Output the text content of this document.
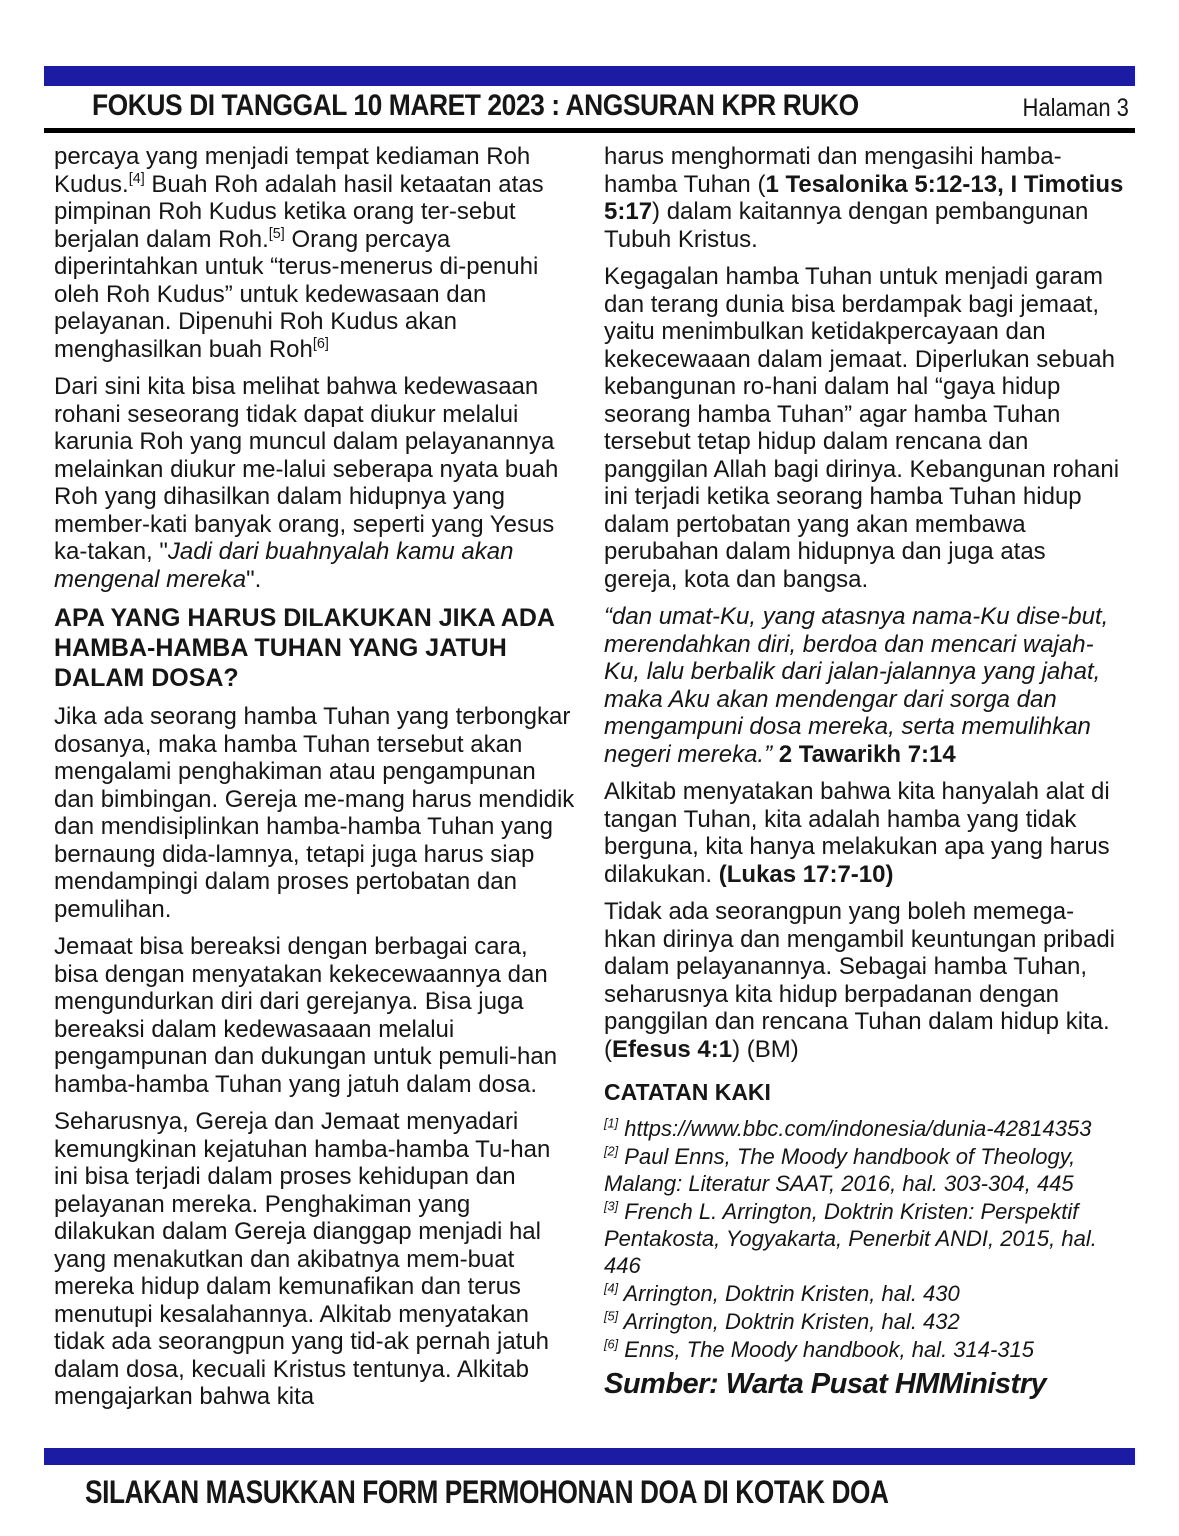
FOKUS DI TANGGAL 10 MARET 2023 : ANGSURAN KPR RUKO	Halaman 3

percaya yang menjadi tempat kediaman Roh Kudus.[4] Buah Roh adalah hasil ketaatan atas pimpinan Roh Kudus ketika orang ter-sebut berjalan dalam Roh.[5] Orang percaya diperintahkan untuk “terus-menerus di-penuhi oleh Roh Kudus” untuk kedewasaan dan pelayanan. Dipenuhi Roh Kudus akan menghasilkan buah Roh[6]

Dari sini kita bisa melihat bahwa kedewasaan rohani seseorang tidak dapat diukur melalui karunia Roh yang muncul dalam pelayanannya melainkan diukur me-lalui seberapa nyata buah Roh yang dihasilkan dalam hidupnya yang member-kati banyak orang, seperti yang Yesus ka-takan, "Jadi dari buahnyalah kamu akan mengenal mereka".

APA YANG HARUS DILAKUKAN JIKA ADA HAMBA-HAMBA TUHAN YANG JATUH DALAM DOSA?

Jika ada seorang hamba Tuhan yang terbongkar dosanya, maka hamba Tuhan tersebut akan mengalami penghakiman atau pengampunan dan bimbingan. Gereja me-mang harus mendidik dan mendisiplinkan hamba-hamba Tuhan yang bernaung dida-lamnya, tetapi juga harus siap mendampingi dalam proses pertobatan dan pemulihan.

Jemaat bisa bereaksi dengan berbagai cara, bisa dengan menyatakan kekecewaannya dan mengundurkan diri dari gerejanya. Bisa juga bereaksi dalam kedewasaaan melalui pengampunan dan dukungan untuk pemuli-han hamba-hamba Tuhan yang jatuh dalam dosa.

Seharusnya, Gereja dan Jemaat menyadari kemungkinan kejatuhan hamba-hamba Tu-han ini bisa terjadi dalam proses kehidupan dan pelayanan mereka. Penghakiman yang dilakukan dalam Gereja dianggap menjadi hal yang menakutkan dan akibatnya mem-buat mereka hidup dalam kemunafikan dan terus menutupi kesalahannya. Alkitab menyatakan tidak ada seorangpun yang tid-ak pernah jatuh dalam dosa, kecuali Kristus tentunya. Alkitab mengajarkan bahwa kita

harus menghormati dan mengasihi hamba-hamba Tuhan (1 Tesalonika 5:12-13, I Timotius 5:17) dalam kaitannya dengan pembangunan Tubuh Kristus.

Kegagalan hamba Tuhan untuk menjadi garam dan terang dunia bisa berdampak bagi jemaat, yaitu menimbulkan ketidakpercayaan dan kekecewaaan dalam jemaat. Diperlukan sebuah kebangunan ro-hani dalam hal “gaya hidup seorang hamba Tuhan” agar hamba Tuhan tersebut tetap hidup dalam rencana dan panggilan Allah bagi dirinya. Kebangunan rohani ini terjadi ketika seorang hamba Tuhan hidup dalam pertobatan yang akan membawa perubahan dalam hidupnya dan juga atas gereja, kota dan bangsa.

“dan umat-Ku, yang atasnya nama-Ku dise-but, merendahkan diri, berdoa dan mencari wajah-Ku, lalu berbalik dari jalan-jalannya yang jahat, maka Aku akan mendengar dari sorga dan mengampuni dosa mereka, serta memulihkan negeri mereka.” 2 Tawarikh 7:14

Alkitab menyatakan bahwa kita hanyalah alat di tangan Tuhan, kita adalah hamba yang tidak berguna, kita hanya melakukan apa yang harus dilakukan. (Lukas 17:7-10)

Tidak ada seorangpun yang boleh memega-hkan dirinya dan mengambil keuntungan pribadi dalam pelayanannya. Sebagai hamba Tuhan, seharusnya kita hidup berpadanan dengan panggilan dan rencana Tuhan dalam hidup kita. (Efesus 4:1) (BM)

CATATAN KAKI
[1] https://www.bbc.com/indonesia/dunia-42814353
[2] Paul Enns, The Moody handbook of Theology, Malang: Literatur SAAT, 2016, hal. 303-304, 445
[3] French L. Arrington, Doktrin Kristen: Perspektif Pentakosta, Yogyakarta, Penerbit ANDI, 2015, hal. 446
[4] Arrington, Doktrin Kristen, hal. 430
[5] Arrington, Doktrin Kristen, hal. 432
[6] Enns, The Moody handbook, hal. 314-315
Sumber: Warta Pusat HMMinistry
SILAKAN MASUKKAN FORM PERMOHONAN DOA DI KOTAK DOA
